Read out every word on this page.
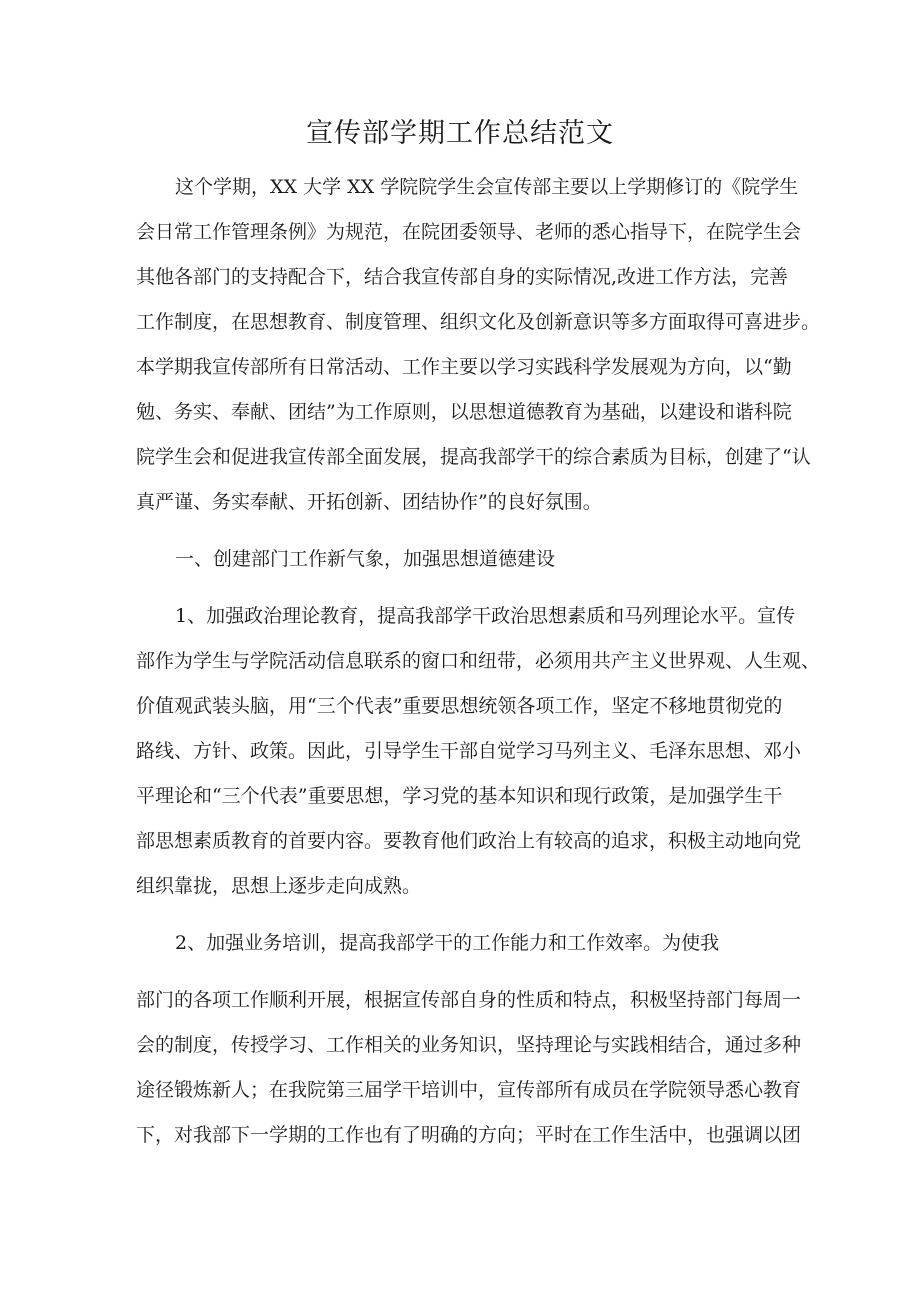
宣传部学期工作总结范文

这个学期，XX 大学 XX 学院院学生会宣传部主要以上学期修订的《院学生

会日常工作管理条例》为规范，在院团委领导、老师的悉心指导下，在院学生会

其他各部门的支持配合下，结合我宣传部自身的实际情况,改进工作方法，完善

工作制度，在思想教育、制度管理、组织文化及创新意识等多方面取得可喜进步。

本学期我宣传部所有日常活动、工作主要以学习实践科学发展观为方向，以“勤

勉、务实、奉献、团结”为工作原则，以思想道德教育为基础，以建设和谐科院

院学生会和促进我宣传部全面发展，提高我部学干的综合素质为目标，创建了“认

真严谨、务实奉献、开拓创新、团结协作”的良好氛围。

一、创建部门工作新气象，加强思想道德建设

1、加强政治理论教育，提高我部学干政治思想素质和马列理论水平。宣传

部作为学生与学院活动信息联系的窗口和纽带，必须用共产主义世界观、人生观、

价值观武装头脑，用“三个代表”重要思想统领各项工作，坚定不移地贯彻党的

路线、方针、政策。因此，引导学生干部自觉学习马列主义、毛泽东思想、邓小

平理论和“三个代表”重要思想，学习党的基本知识和现行政策，是加强学生干

部思想素质教育的首要内容。要教育他们政治上有较高的追求，积极主动地向党

组织靠拢，思想上逐步走向成熟。

2、加强业务培训，提高我部学干的工作能力和工作效率。为使我

部门的各项工作顺利开展，根据宣传部自身的性质和特点，积极坚持部门每周一

会的制度，传授学习、工作相关的业务知识，坚持理论与实践相结合，通过多种

途径锻炼新人；在我院第三届学干培训中，宣传部所有成员在学院领导悉心教育

下，对我部下一学期的工作也有了明确的方向；平时在工作生活中，也强调以团
